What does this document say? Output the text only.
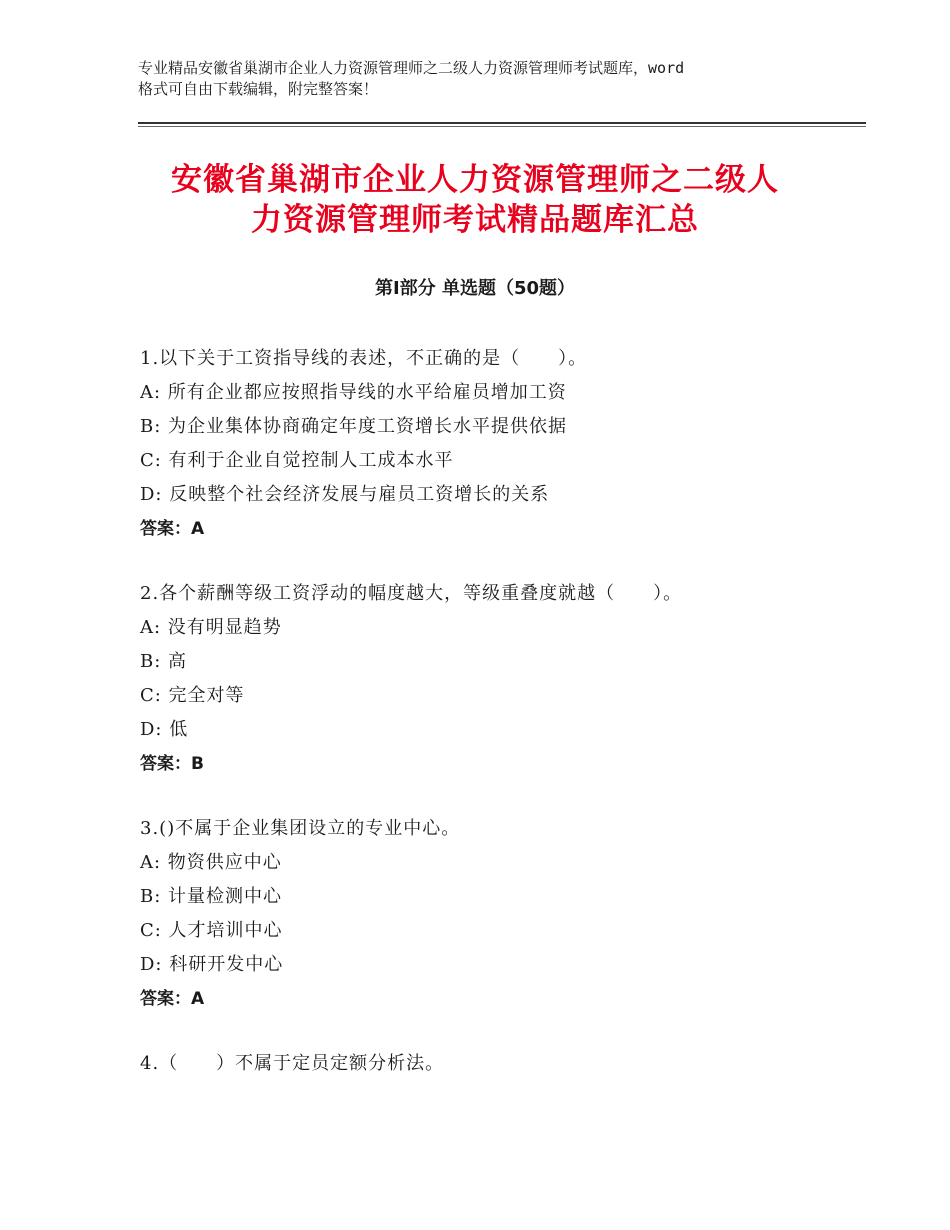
专业精品安徽省巢湖市企业人力资源管理师之二级人力资源管理师考试题库，word
格式可自由下载编辑，附完整答案！
安徽省巢湖市企业人力资源管理师之二级人
力资源管理师考试精品题库汇总
第Ⅰ部分 单选题（50题）
1.以下关于工资指导线的表述，不正确的是（　　）。
A: 所有企业都应按照指导线的水平给雇员增加工资
B: 为企业集体协商确定年度工资增长水平提供依据
C: 有利于企业自觉控制人工成本水平
D: 反映整个社会经济发展与雇员工资增长的关系
答案：A
2.各个薪酬等级工资浮动的幅度越大，等级重叠度就越（　　）。
A: 没有明显趋势
B: 高
C: 完全对等
D: 低
答案：B
3.()不属于企业集团设立的专业中心。
A: 物资供应中心
B: 计量检测中心
C: 人才培训中心
D: 科研开发中心
答案：A
4.（　　）不属于定员定额分析法。
